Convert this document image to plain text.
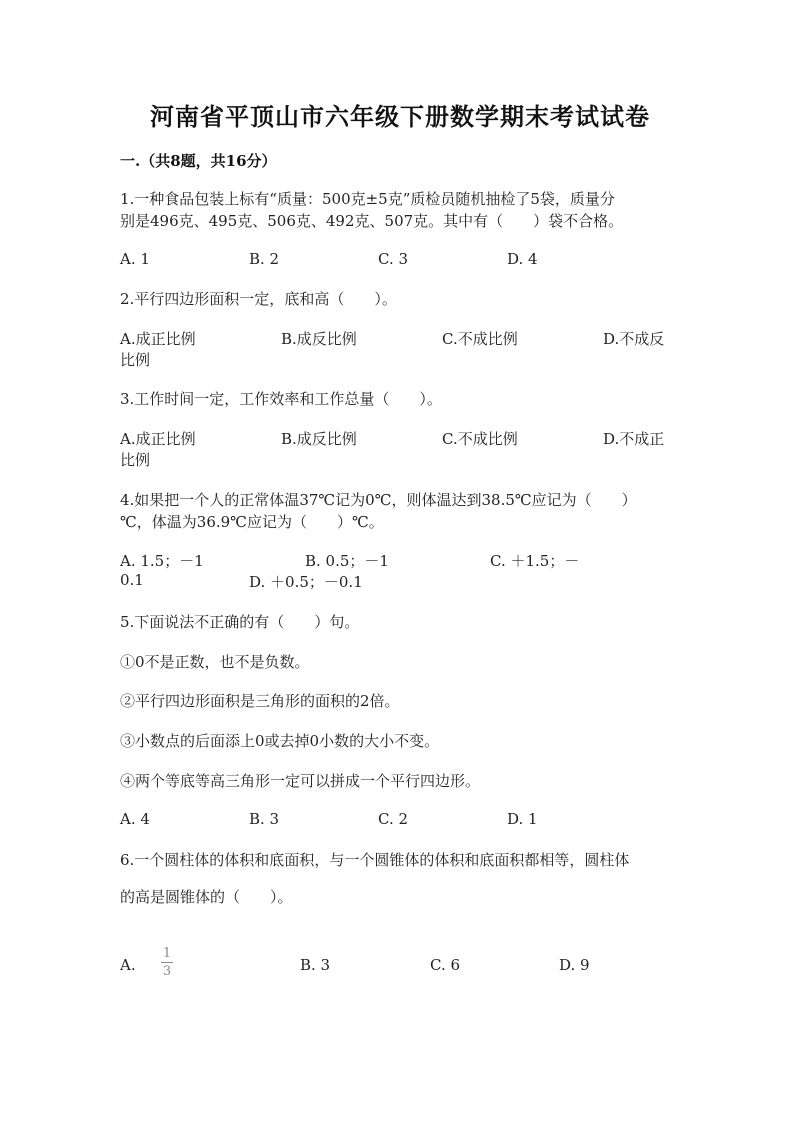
河南省平顶山市六年级下册数学期末考试试卷
一.（共8题，共16分）
1.一种食品包装上标有“质量：500克±5克”质检员随机抽检了5袋，质量分
别是496克、495克、506克、492克、507克。其中有（　　）袋不合格。
A. 1	B. 2	C. 3	D. 4
2.平行四边形面积一定，底和高（　　）。
A.成正比例	B.成反比例	C.不成比例	D.不成反
比例
3.工作时间一定，工作效率和工作总量（　　）。
A.成正比例	B.成反比例	C.不成比例	D.不成正
比例
4.如果把一个人的正常体温37℃记为0℃，则体温达到38.5℃应记为（　　）
℃，体温为36.9℃应记为（　　）℃。
A. 1.5；－1	B. 0.5；－1	C. ＋1.5；－
0.1	D. ＋0.5；－0.1
5.下面说法不正确的有（　　）句。
①0不是正数，也不是负数。
②平行四边形面积是三角形的面积的2倍。
③小数点的后面添上0或去掉0小数的大小不变。
④两个等底等高三角形一定可以拼成一个平行四边形。
A. 4	B. 3	C. 2	D. 1
6.一个圆柱体的体积和底面积，与一个圆锥体的体积和底面积都相等，圆柱体
的高是圆锥体的（　　）。
A.
1
3	B. 3	C. 6	D. 9
